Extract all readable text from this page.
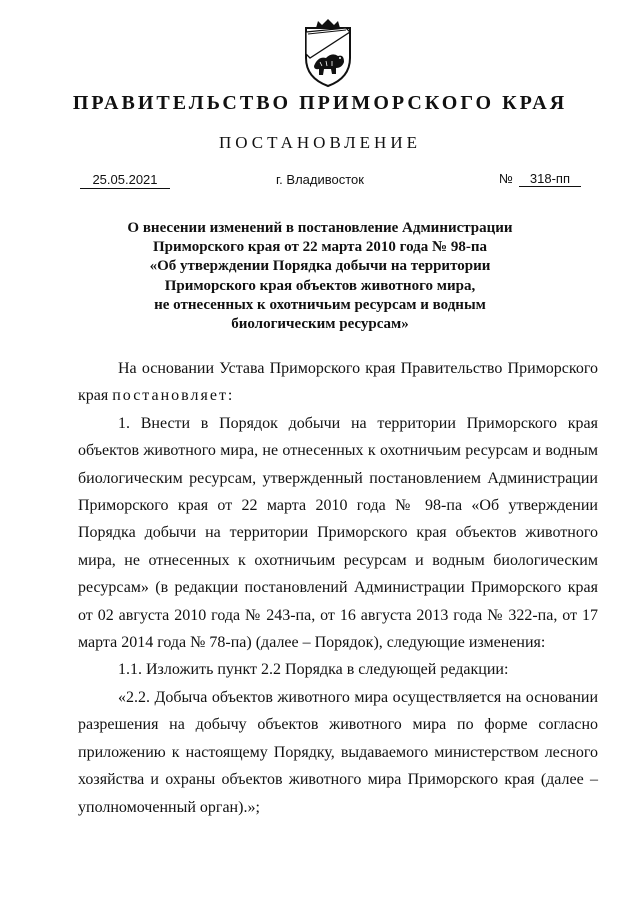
ПРАВИТЕЛЬСТВО ПРИМОРСКОГО КРАЯ
ПОСТАНОВЛЕНИЕ
25.05.2021	г. Владивосток	№ 318-пп
О внесении изменений в постановление Администрации
Приморского края от 22 марта 2010 года № 98-па
«Об утверждении Порядка добычи на территории
Приморского края объектов животного мира,
не отнесенных к охотничьим ресурсам и водным
биологическим ресурсам»

На основании Устава Приморского края Правительство Приморского края постановляет:

1. Внести в Порядок добычи на территории Приморского края объектов животного мира, не отнесенных к охотничьим ресурсам и водным биологическим ресурсам, утвержденный постановлением Администрации Приморского края от 22 марта 2010 года № 98-па «Об утверждении Порядка добычи на территории Приморского края объектов животного мира, не отнесенных к охотничьим ресурсам и водным биологическим ресурсам» (в редакции постановлений Администрации Приморского края от 02 августа 2010 года № 243-па, от 16 августа 2013 года № 322-па, от 17 марта 2014 года № 78-па) (далее – Порядок), следующие изменения:

1.1. Изложить пункт 2.2 Порядка в следующей редакции:

«2.2. Добыча объектов животного мира осуществляется на основании разрешения на добычу объектов животного мира по форме согласно приложению к настоящему Порядку, выдаваемого министерством лесного хозяйства и охраны объектов животного мира Приморского края (далее – уполномоченный орган).»;
